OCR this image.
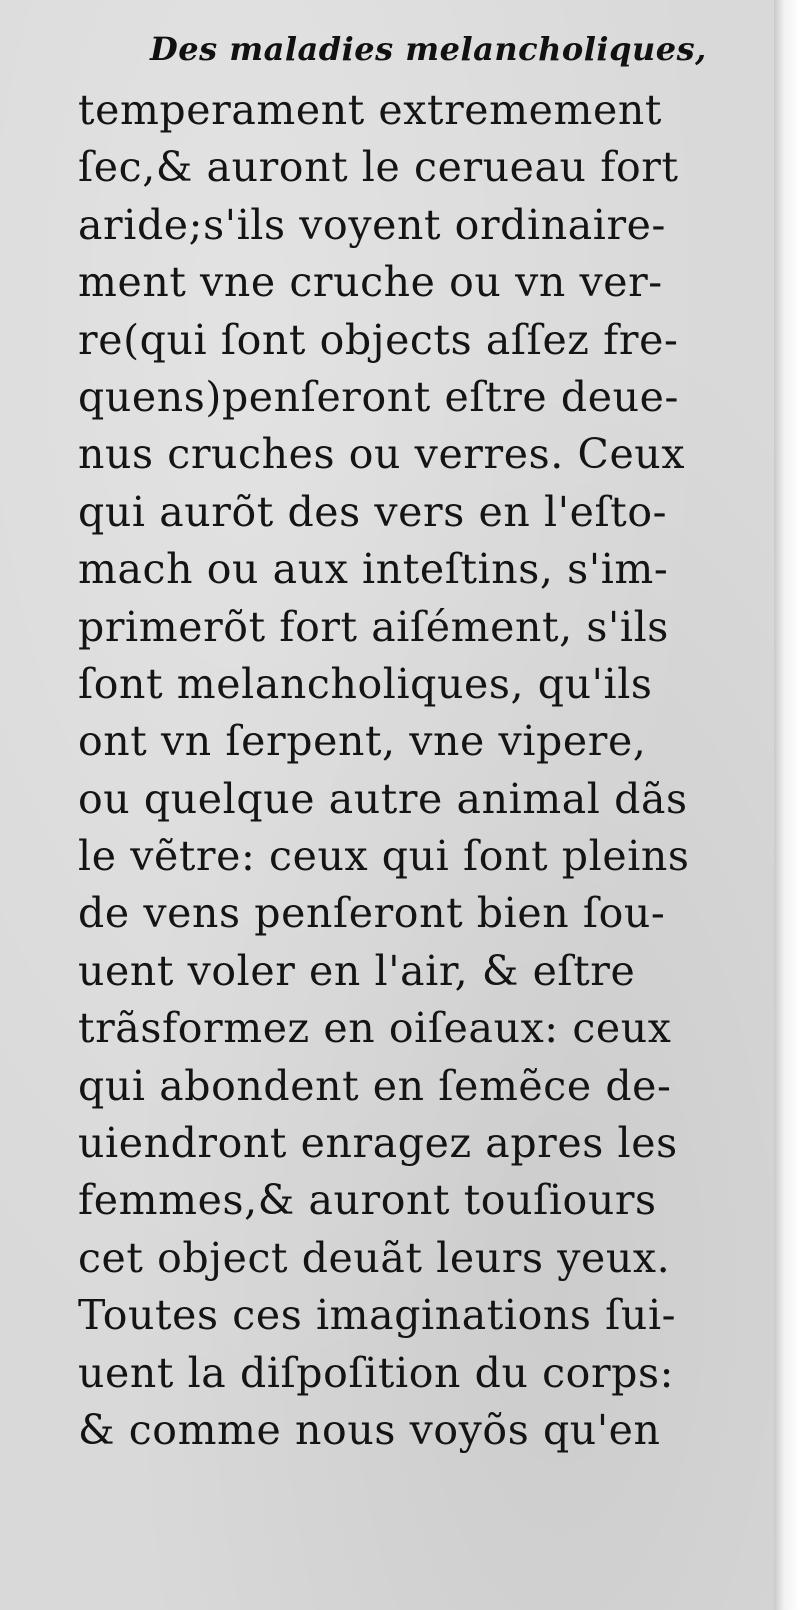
Des maladies melancholiques,
temperament extremement
ſec,& auront le cerueau fort
aride;s'ils voyent ordinaire-
ment vne cruche ou vn ver-
re(qui ſont objects aſſez fre-
quens)penſeront eſtre deue-
nus cruches ou verres. Ceux
qui aurõt des vers en l'eſto-
mach ou aux inteſtins, s'im-
primerõt fort aiſément, s'ils
ſont melancholiques, qu'ils
ont vn ſerpent, vne vipere,
ou quelque autre animal dãs
le vẽtre: ceux qui ſont pleins
de vens penſeront bien ſou-
uent voler en l'air, & eſtre
trãsformez en oiſeaux: ceux
qui abondent en ſemẽce de-
uiendront enragez apres les
femmes,& auront touſiours
cet object deuãt leurs yeux.
Toutes ces imaginations ſui-
uent la diſpoſition du corps:
& comme nous voyõs qu'en
